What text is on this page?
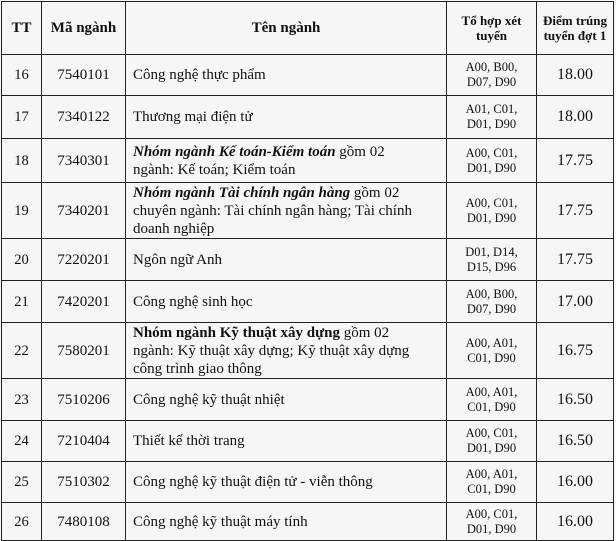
TT	Mã ngành	Tên ngành	Tổ hợp xét
tuyển	Điểm trúng
tuyển đợt 1

16	7540101	Công nghệ thực phẩm	A00, B00,
D07, D90	18.00
17	7340122	Thương mại điện tử	A01, C01,
D01, D90	18.00
18	7340301	Nhóm ngành Kế toán-Kiểm toán gồm 02
ngành: Kế toán; Kiểm toán	A00, C01,
D01, D90	17.75
19	7340201	Nhóm ngành Tài chính ngân hàng gồm 02
chuyên ngành: Tài chính ngân hàng; Tài chính
doanh nghiệp	A00, C01,
D01, D90	17.75
20	7220201	Ngôn ngữ Anh	D01, D14,
D15, D96	17.75
21	7420201	Công nghệ sinh học	A00, B00,
D07, D90	17.00
22	7580201	Nhóm ngành Kỹ thuật xây dựng gồm 02
ngành: Kỹ thuật xây dựng; Kỹ thuật xây dựng
công trình giao thông	A00, A01,
C01, D90	16.75
23	7510206	Công nghệ kỹ thuật nhiệt	A00, A01,
C01, D90	16.50
24	7210404	Thiết kế thời trang	A00, C01,
D01, D90	16.50
25	7510302	Công nghệ kỹ thuật điện tử - viễn thông	A00, A01,
C01, D90	16.00
26	7480108	Công nghệ kỹ thuật máy tính	A00, C01,
D01, D90	16.00
